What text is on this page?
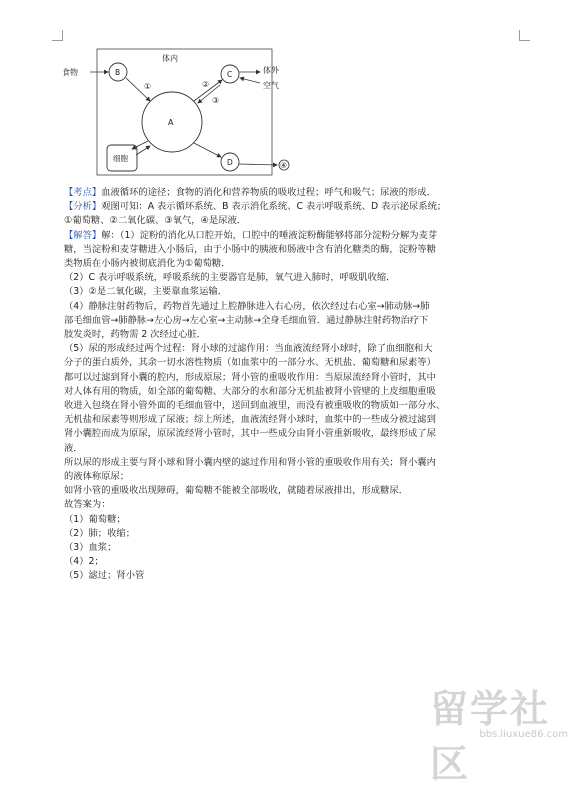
食物
体内
体外
空气
细胞
A
B	C
D
①	②
③
④

【考点】血液循环的途径；食物的消化和营养物质的吸收过程；呼气和吸气；尿液的形成．

【分析】观图可知：A 表示循环系统、B 表示消化系统、C 表示呼吸系统、D 表示泌尿系统；

①葡萄糖、②二氧化碳、③氧气，④是尿液．

【解答】解：（1）淀粉的消化从口腔开始，口腔中的唾液淀粉酶能够将部分淀粉分解为麦芽

糖，当淀粉和麦芽糖进入小肠后，由于小肠中的胰液和肠液中含有消化糖类的酶，淀粉等糖

类物质在小肠内被彻底消化为①葡萄糖．

（2）C 表示呼吸系统，呼吸系统的主要器官是肺，氧气进入肺时，呼吸肌收缩．

（3）②是二氧化碳，主要靠血浆运输．

（4）静脉注射药物后，药物首先通过上腔静脉进入右心房，依次经过右心室→肺动脉→肺

部毛细血管→肺静脉→左心房→左心室→主动脉→全身毛细血管．通过静脉注射药物治疗下

肢发炎时，药物需 2 次经过心脏．

（5）尿的形成经过两个过程：肾小球的过滤作用：当血液流经肾小球时，除了血细胞和大

分子的蛋白质外，其余一切水溶性物质（如血浆中的一部分水、无机盐、葡萄糖和尿素等）

都可以过滤到肾小囊的腔内，形成原尿；肾小管的重吸收作用：当原尿流经肾小管时，其中

对人体有用的物质，如全部的葡萄糖、大部分的水和部分无机盐被肾小管壁的上皮细胞重吸

收进入包绕在肾小管外面的毛细血管中，送回到血液里，而没有被重吸收的物质如一部分水、

无机盐和尿素等则形成了尿液；综上所述，血液流经肾小球时，血浆中的一些成分被过滤到

肾小囊腔而成为原尿，原尿流经肾小管时，其中一些成分由肾小管重新吸收，最终形成了尿

液．

所以尿的形成主要与肾小球和肾小囊内壁的滤过作用和肾小管的重吸收作用有关；肾小囊内

的液体称原尿；

如肾小管的重吸收出现障碍，葡萄糖不能被全部吸收，就随着尿液排出，形成糖尿．

故答案为：

（1）葡萄糖；

（2）肺；收缩；

（3）血浆；

（4）2；

（5）滤过；肾小管

留学社区
bbs.liuxue86.com
